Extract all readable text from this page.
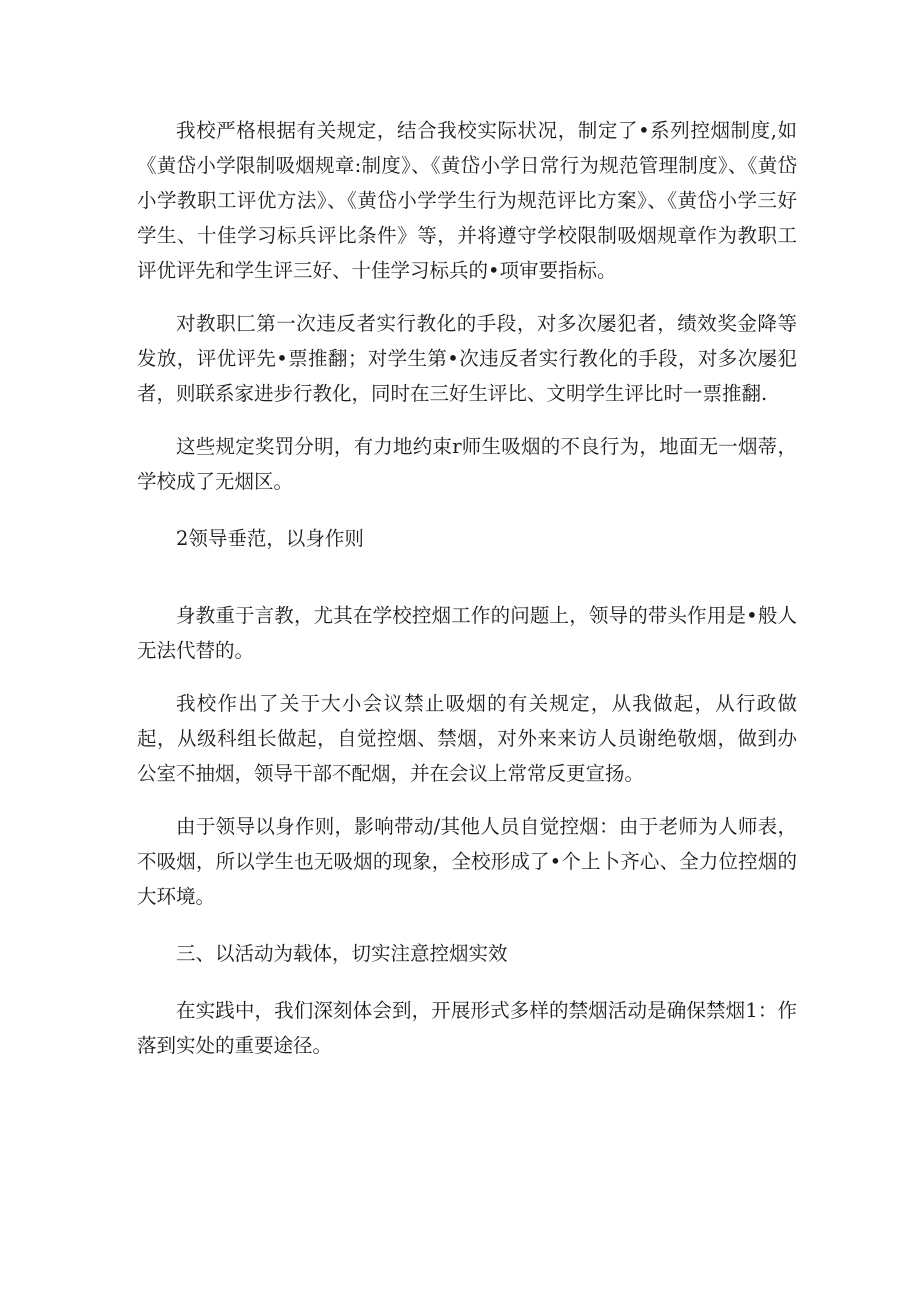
我校严格根据有关规定，结合我校实际状况，制定了•系列控烟制度,如《黄岱小学限制吸烟规章:制度》、《黄岱小学日常行为规范管理制度》、《黄岱小学教职工评优方法》、《黄岱小学学生行为规范评比方案》、《黄岱小学三好学生、十佳学习标兵评比条件》等，并将遵守学校限制吸烟规章作为教职工评优评先和学生评三好、十佳学习标兵的•项审要指标。

对教职匚第一次违反者实行教化的手段，对多次屡犯者，绩效奖金降等发放，评优评先•票推翻；对学生第•次违反者实行教化的手段，对多次屡犯者，则联系家进步行教化，同时在三好生评比、文明学生评比时一票推翻.

这些规定奖罚分明，有力地约束r师生吸烟的不良行为，地面无一烟蒂，学校成了无烟区。

2领导垂范，以身作则

身教重于言教，尤其在学校控烟工作的问题上，领导的带头作用是•般人无法代替的。

我校作出了关于大小会议禁止吸烟的有关规定，从我做起，从行政做起，从级科组长做起，自觉控烟、禁烟，对外来来访人员谢绝敬烟，做到办公室不抽烟，领导干部不配烟，并在会议上常常反更宣扬。

由于领导以身作则，影响带动/其他人员自觉控烟：由于老师为人师表，不吸烟，所以学生也无吸烟的现象，全校形成了•个上卜齐心、全力位控烟的大环境。

三、以活动为载体，切实注意控烟实效

在实践中，我们深刻体会到，开展形式多样的禁烟活动是确保禁烟1：作落到实处的重要途径。
